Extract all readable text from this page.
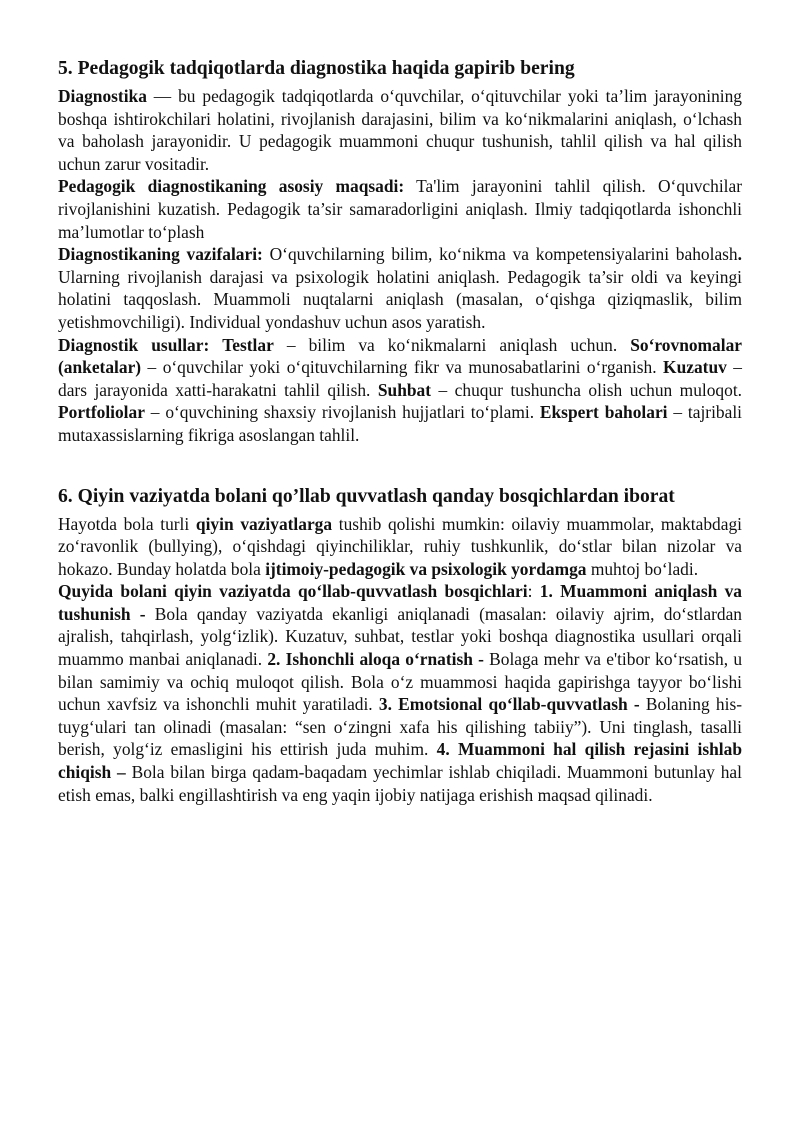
5. Pedagogik tadqiqotlarda diagnostika haqida gapirib bering

Diagnostika — bu pedagogik tadqiqotlarda o‘quvchilar, o‘qituvchilar yoki ta’lim jarayonining boshqa ishtirokchilari holatini, rivojlanish darajasini, bilim va ko‘nikmalarini aniqlash, o‘lchash va baholash jarayonidir. U pedagogik muammoni chuqur tushunish, tahlil qilish va hal qilish uchun zarur vositadir.

Pedagogik diagnostikaning asosiy maqsadi: Ta'lim jarayonini tahlil qilish. O‘quvchilar rivojlanishini kuzatish. Pedagogik ta’sir samaradorligini aniqlash. Ilmiy tadqiqotlarda ishonchli ma’lumotlar to‘plash

Diagnostikaning vazifalari: O‘quvchilarning bilim, ko‘nikma va kompetensiyalarini baholash. Ularning rivojlanish darajasi va psixologik holatini aniqlash. Pedagogik ta’sir oldi va keyingi holatini taqqoslash. Muammoli nuqtalarni aniqlash (masalan, o‘qishga qiziqmaslik, bilim yetishmovchiligi). Individual yondashuv uchun asos yaratish.

Diagnostik usullar: Testlar – bilim va ko‘nikmalarni aniqlash uchun. So‘rovnomalar (anketalar) – o‘quvchilar yoki o‘qituvchilarning fikr va munosabatlarini o‘rganish. Kuzatuv – dars jarayonida xatti-harakatni tahlil qilish. Suhbat – chuqur tushuncha olish uchun muloqot. Portfoliolar – o‘quvchining shaxsiy rivojlanish hujjatlari to‘plami. Ekspert baholari – tajribali mutaxassislarning fikriga asoslangan tahlil.

6. Qiyin vaziyatda bolani qo’llab quvvatlash qanday bosqichlardan iborat

Hayotda bola turli qiyin vaziyatlarga tushib qolishi mumkin: oilaviy muammolar, maktabdagi zo‘ravonlik (bullying), o‘qishdagi qiyinchiliklar, ruhiy tushkunlik, do‘stlar bilan nizolar va hokazo. Bunday holatda bola ijtimoiy-pedagogik va psixologik yordamga muhtoj bo‘ladi.

Quyida bolani qiyin vaziyatda qo‘llab-quvvatlash bosqichlari: 1. Muammoni aniqlash va tushunish - Bola qanday vaziyatda ekanligi aniqlanadi (masalan: oilaviy ajrim, do‘stlardan ajralish, tahqirlash, yolg‘izlik). Kuzatuv, suhbat, testlar yoki boshqa diagnostika usullari orqali muammo manbai aniqlanadi. 2. Ishonchli aloqa o‘rnatish - Bolaga mehr va e'tibor ko‘rsatish, u bilan samimiy va ochiq muloqot qilish. Bola o‘z muammosi haqida gapirishga tayyor bo‘lishi uchun xavfsiz va ishonchli muhit yaratiladi. 3. Emotsional qo‘llab-quvvatlash - Bolaning his-tuyg‘ulari tan olinadi (masalan: “sen o‘zingni xafa his qilishing tabiiy”). Uni tinglash, tasalli berish, yolg‘iz emasligini his ettirish juda muhim. 4. Muammoni hal qilish rejasini ishlab chiqish – Bola bilan birga qadam-baqadam yechimlar ishlab chiqiladi. Muammoni butunlay hal etish emas, balki engillashtirish va eng yaqin ijobiy natijaga erishish maqsad qilinadi.
